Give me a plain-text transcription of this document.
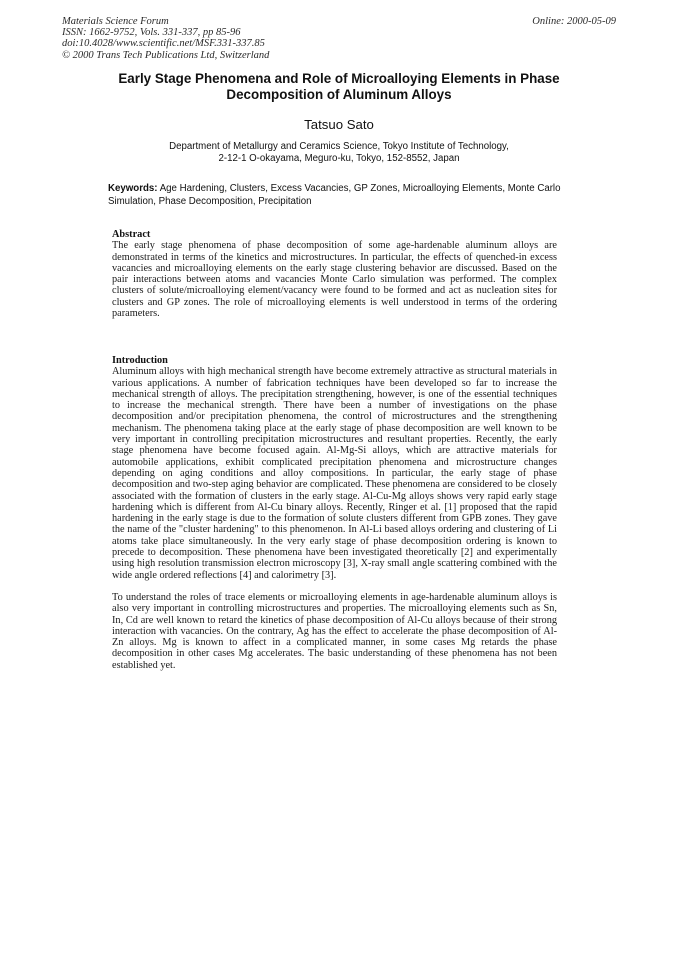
Materials Science Forum
ISSN: 1662-9752, Vols. 331-337, pp 85-96
doi:10.4028/www.scientific.net/MSF.331-337.85
© 2000 Trans Tech Publications Ltd, Switzerland
Online: 2000-05-09
Early Stage Phenomena and Role of Microalloying Elements in Phase Decomposition of Aluminum Alloys
Tatsuo Sato
Department of Metallurgy and Ceramics Science, Tokyo Institute of Technology,
2-12-1 O-okayama, Meguro-ku, Tokyo, 152-8552, Japan
Keywords: Age Hardening, Clusters, Excess Vacancies, GP Zones, Microalloying Elements, Monte Carlo Simulation, Phase Decomposition, Precipitation
Abstract

The early stage phenomena of phase decomposition of some age-hardenable aluminum alloys are demonstrated in terms of the kinetics and microstructures. In particular, the effects of quenched-in excess vacancies and microalloying elements on the early stage clustering behavior are discussed. Based on the pair interactions between atoms and vacancies Monte Carlo simulation was performed. The complex clusters of solute/microalloying element/vacancy were found to be formed and act as nucleation sites for clusters and GP zones. The role of microalloying elements is well understood in terms of the ordering parameters.

Introduction

Aluminum alloys with high mechanical strength have become extremely attractive as structural materials in various applications. A number of fabrication techniques have been developed so far to increase the mechanical strength of alloys. The precipitation strengthening, however, is one of the essential techniques to increase the mechanical strength. There have been a number of investigations on the phase decomposition and/or precipitation phenomena, the control of microstructures and the strengthening mechanism. The phenomena taking place at the early stage of phase decomposition are well known to be very important in controlling precipitation microstructures and resultant properties. Recently, the early stage phenomena have become focused again. Al-Mg-Si alloys, which are attractive materials for automobile applications, exhibit complicated precipitation phenomena and microstructure changes depending on aging conditions and alloy compositions. In particular, the early stage of phase decomposition and two-step aging behavior are complicated. These phenomena are considered to be closely associated with the formation of clusters in the early stage. Al-Cu-Mg alloys shows very rapid early stage hardening which is different from Al-Cu binary alloys. Recently, Ringer et al. [1] proposed that the rapid hardening in the early stage is due to the formation of solute clusters different from GPB zones. They gave the name of the "cluster hardening" to this phenomenon. In Al-Li based alloys ordering and clustering of Li atoms take place simultaneously. In the very early stage of phase decomposition ordering is known to precede to decomposition. These phenomena have been investigated theoretically [2] and experimentally using high resolution transmission electron microscopy [3], X-ray small angle scattering combined with the wide angle ordered reflections [4] and calorimetry [3].

To understand the roles of trace elements or microalloying elements in age-hardenable aluminum alloys is also very important in controlling microstructures and properties. The microalloying elements such as Sn, In, Cd are well known to retard the kinetics of phase decomposition of Al-Cu alloys because of their strong interaction with vacancies. On the contrary, Ag has the effect to accelerate the phase decomposition of Al-Zn alloys. Mg is known to affect in a complicated manner, in some cases Mg retards the phase decomposition in other cases Mg accelerates. The basic understanding of these phenomena has not been established yet.
